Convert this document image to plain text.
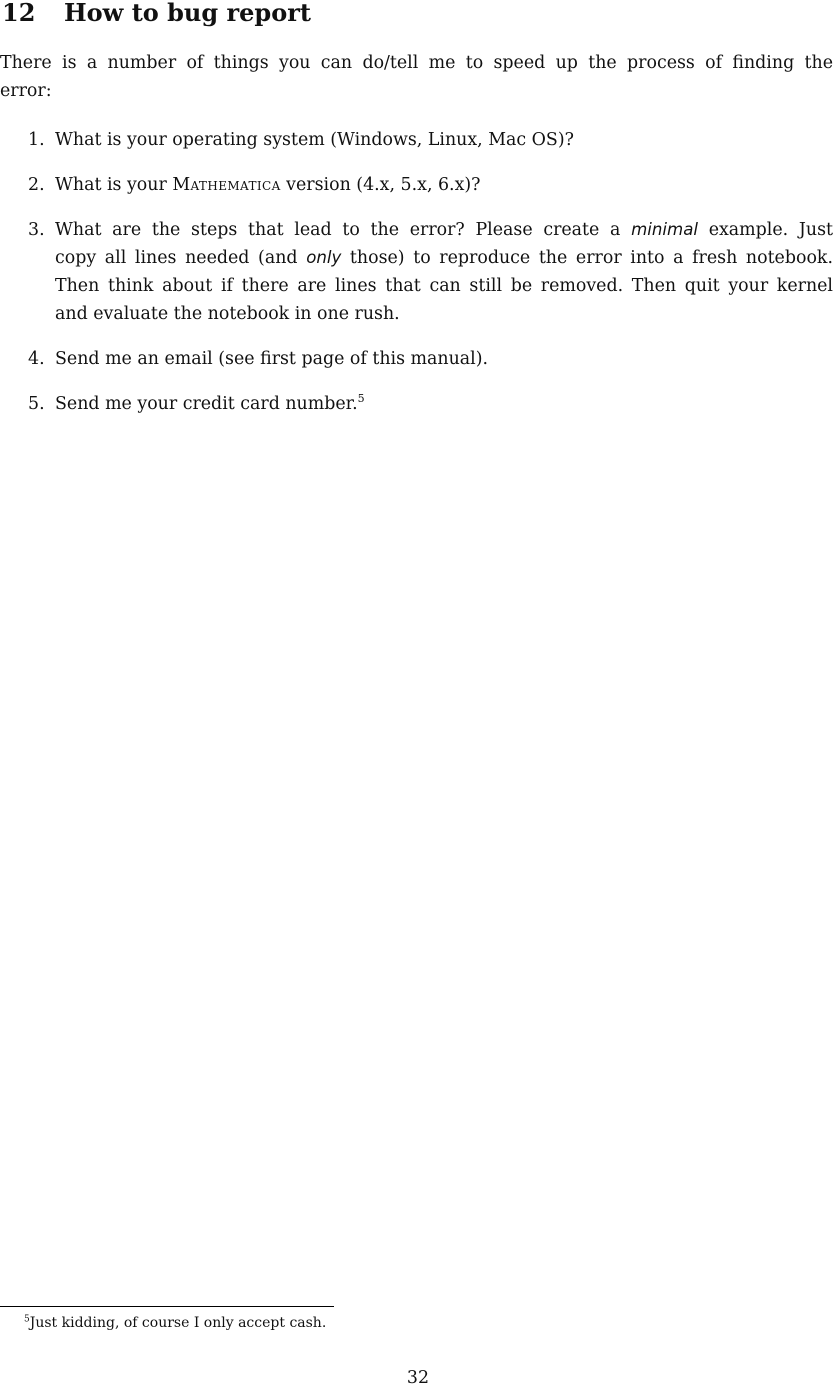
12 How to bug report

There is a number of things you can do/tell me to speed up the process of finding the
error:

1. What is your operating system (Windows, Linux, Mac OS)?
2. What is your Mathematica version (4.x, 5.x, 6.x)?
3. What are the steps that lead to the error? Please create a minimal example. Just
copy all lines needed (and only those) to reproduce the error into a fresh notebook.
Then think about if there are lines that can still be removed. Then quit your kernel
and evaluate the notebook in one rush.
4. Send me an email (see first page of this manual).
5. Send me your credit card number.$^5$

$^5$Just kidding, of course I only accept cash.

32
